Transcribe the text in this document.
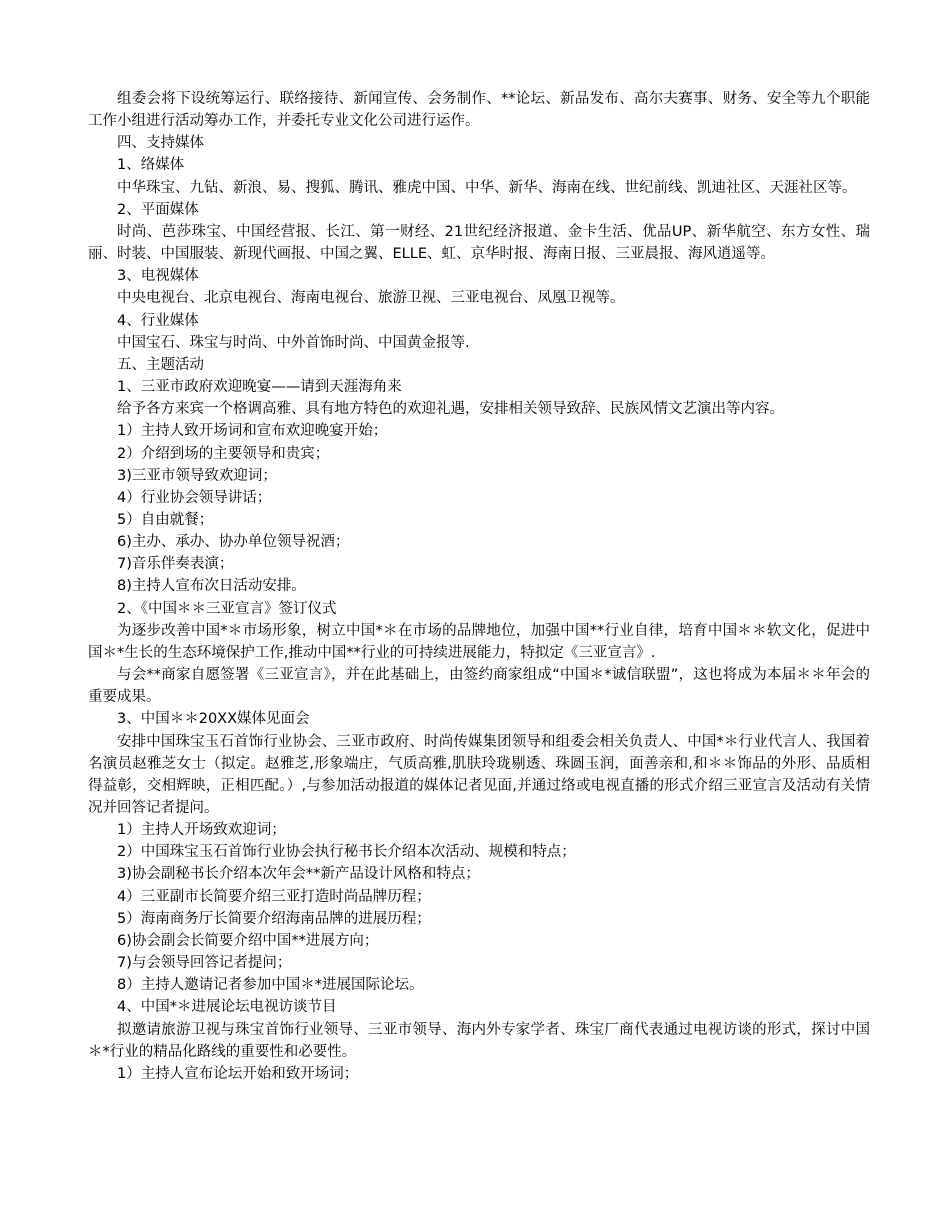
组委会将下设统筹运行、联络接待、新闻宣传、会务制作、**论坛、新品发布、高尔夫赛事、财务、安全等九个职能工作小组进行活动筹办工作，并委托专业文化公司进行运作。

四、支持媒体

1、络媒体

中华珠宝、九钻、新浪、易、搜狐、腾讯、雅虎中国、中华、新华、海南在线、世纪前线、凯迪社区、天涯社区等。

2、平面媒体

时尚、芭莎珠宝、中国经营报、长江、第一财经、21世纪经济报道、金卡生活、优品UP、新华航空、东方女性、瑞丽、时装、中国服装、新现代画报、中国之翼、ELLE、虹、京华时报、海南日报、三亚晨报、海风逍遥等。

3、电视媒体

中央电视台、北京电视台、海南电视台、旅游卫视、三亚电视台、凤凰卫视等。

4、行业媒体

中国宝石、珠宝与时尚、中外首饰时尚、中国黄金报等.

五、主题活动

1、三亚市政府欢迎晚宴——请到天涯海角来

给予各方来宾一个格调高雅、具有地方特色的欢迎礼遇，安排相关领导致辞、民族风情文艺演出等内容。

1）主持人致开场词和宣布欢迎晚宴开始；

2）介绍到场的主要领导和贵宾；

3)三亚市领导致欢迎词；

4）行业协会领导讲话；

5）自由就餐；

6)主办、承办、协办单位领导祝酒；

7)音乐伴奏表演；

8)主持人宣布次日活动安排。

2、《中国＊＊三亚宣言》签订仪式

为逐步改善中国*＊市场形象，树立中国*＊在市场的品牌地位，加强中国**行业自律，培育中国＊＊软文化，促进中国＊*生长的生态环境保护工作,推动中国**行业的可持续进展能力，特拟定《三亚宣言》.

与会**商家自愿签署《三亚宣言》，并在此基础上，由签约商家组成“中国＊*诚信联盟”，这也将成为本届＊＊年会的重要成果。

3、中国＊＊20XX媒体见面会

安排中国珠宝玉石首饰行业协会、三亚市政府、时尚传媒集团领导和组委会相关负责人、中国*＊行业代言人、我国着名演员赵雅芝女士（拟定。赵雅芝,形象端庄，气质高雅,肌肤玲珑剔透、珠圆玉润，面善亲和,和＊＊饰品的外形、品质相得益彰，交相辉映，正相匹配。）,与参加活动报道的媒体记者见面,并通过络或电视直播的形式介绍三亚宣言及活动有关情况并回答记者提问。

1）主持人开场致欢迎词；

2）中国珠宝玉石首饰行业协会执行秘书长介绍本次活动、规模和特点；

3)协会副秘书长介绍本次年会**新产品设计风格和特点；

4）三亚副市长简要介绍三亚打造时尚品牌历程；

5）海南商务厅长简要介绍海南品牌的进展历程；

6)协会副会长简要介绍中国**进展方向；

7)与会领导回答记者提问；

8）主持人邀请记者参加中国＊*进展国际论坛。

4、中国*＊进展论坛电视访谈节目

拟邀请旅游卫视与珠宝首饰行业领导、三亚市领导、海内外专家学者、珠宝厂商代表通过电视访谈的形式，探讨中国＊*行业的精品化路线的重要性和必要性。

1）主持人宣布论坛开始和致开场词；
